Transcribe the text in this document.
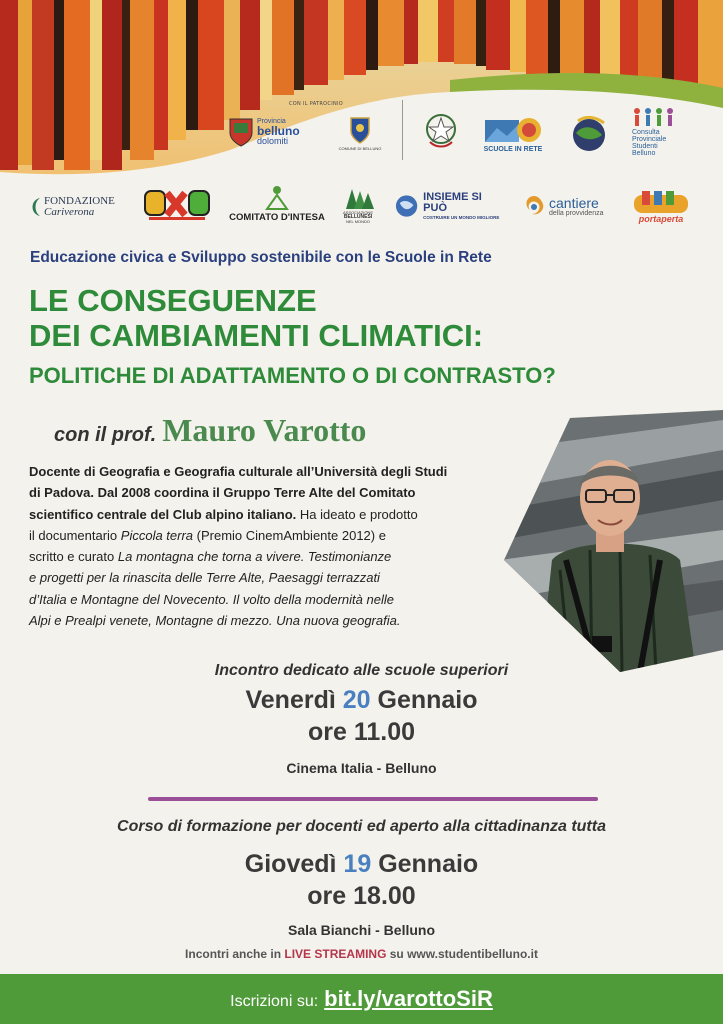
CON IL PATROCINIO
Provincia
belluno
dolomiti
COMUNE DI BELLUNO	SCUOLE IN RETE
Consulta
Provinciale
Studenti
Belluno
FONDAZIONE
Cariverona	COMITATO D'INTESA
ASSOCIAZIONE
BELLUNESI
NEL MONDO
INSIEME SI PUÒ
COSTRUIRE UN MONDO MIGLIORE
cantiere
della provvidenza
portaperta
Educazione civica e Sviluppo sostenibile con le Scuole in Rete
LE CONSEGUENZE
DEI CAMBIAMENTI CLIMATICI:
POLITICHE DI ADATTAMENTO O DI CONTRASTO?
con il prof. Mauro Varotto
Docente di Geografia e Geografia culturale all’Università degli Studi
di Padova. Dal 2008 coordina il Gruppo Terre Alte del Comitato
scientifico centrale del Club alpino italiano. Ha ideato e prodotto
il documentario Piccola terra (Premio CinemAmbiente 2012) e
scritto e curato La montagna che torna a vivere. Testimonianze
e progetti per la rinascita delle Terre Alte, Paesaggi terrazzati
d’Italia e Montagne del Novecento. Il volto della modernità nelle
Alpi e Prealpi venete, Montagne di mezzo. Una nuova geografia.
Incontro dedicato alle scuole superiori
Venerdì 20 Gennaio
ore 11.00
Cinema Italia - Belluno
Corso di formazione per docenti ed aperto alla cittadinanza tutta
Giovedì 19 Gennaio
ore 18.00
Sala Bianchi - Belluno
Incontri anche in LIVE STREAMING su www.studentibelluno.it
Iscrizioni su: bit.ly/varottoSiR
